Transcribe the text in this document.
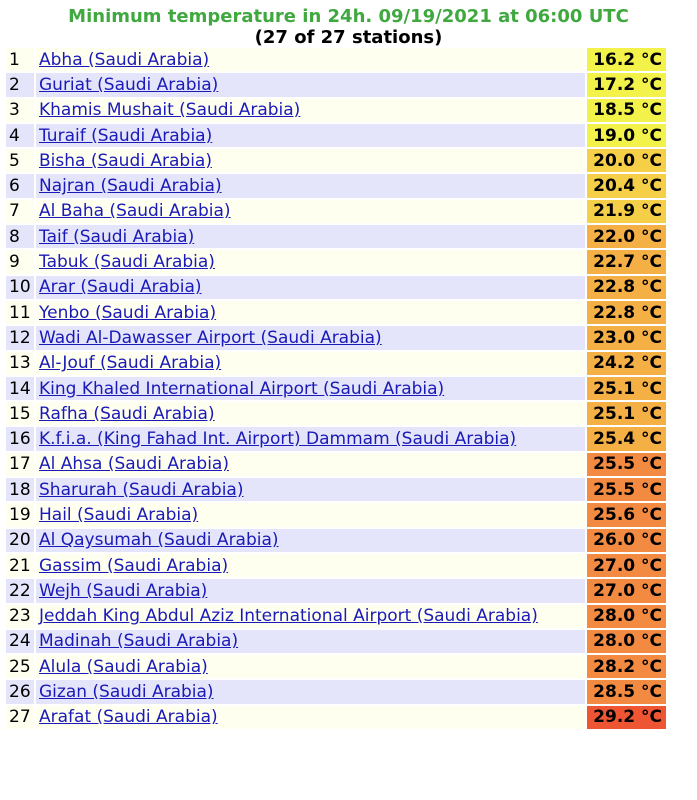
Minimum temperature in 24h. 09/19/2021 at 06:00 UTC
(27 of 27 stations)
1	Abha (Saudi Arabia)	16.2 °C
2	Guriat (Saudi Arabia)	17.2 °C
3	Khamis Mushait (Saudi Arabia)	18.5 °C
4	Turaif (Saudi Arabia)	19.0 °C
5	Bisha (Saudi Arabia)	20.0 °C
6	Najran (Saudi Arabia)	20.4 °C
7	Al Baha (Saudi Arabia)	21.9 °C
8	Taif (Saudi Arabia)	22.0 °C
9	Tabuk (Saudi Arabia)	22.7 °C
10	Arar (Saudi Arabia)	22.8 °C
11	Yenbo (Saudi Arabia)	22.8 °C
12	Wadi Al-Dawasser Airport (Saudi Arabia)	23.0 °C
13	Al-Jouf (Saudi Arabia)	24.2 °C
14	King Khaled International Airport (Saudi Arabia)	25.1 °C
15	Rafha (Saudi Arabia)	25.1 °C
16	K.f.i.a. (King Fahad Int. Airport) Dammam (Saudi Arabia)	25.4 °C
17	Al Ahsa (Saudi Arabia)	25.5 °C
18	Sharurah (Saudi Arabia)	25.5 °C
19	Hail (Saudi Arabia)	25.6 °C
20	Al Qaysumah (Saudi Arabia)	26.0 °C
21	Gassim (Saudi Arabia)	27.0 °C
22	Wejh (Saudi Arabia)	27.0 °C
23	Jeddah King Abdul Aziz International Airport (Saudi Arabia)	28.0 °C
24	Madinah (Saudi Arabia)	28.0 °C
25	Alula (Saudi Arabia)	28.2 °C
26	Gizan (Saudi Arabia)	28.5 °C
27	Arafat (Saudi Arabia)	29.2 °C
